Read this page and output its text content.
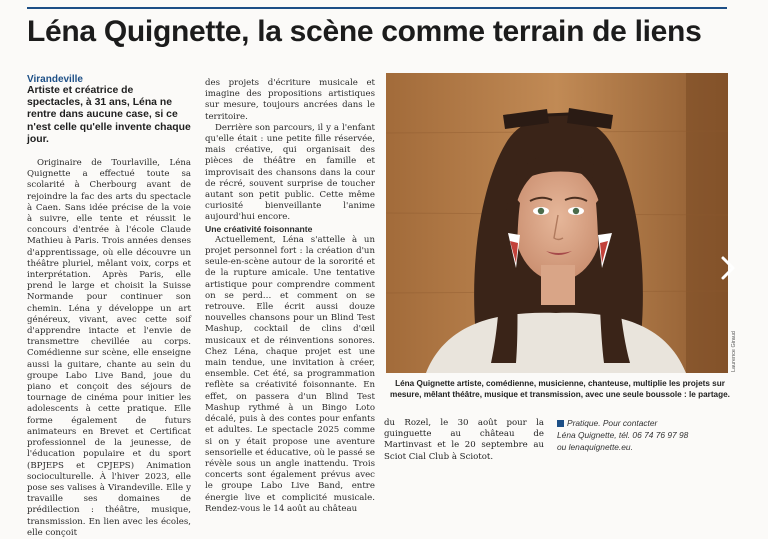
Léna Quignette, la scène comme terrain de liens
Virandeville
Artiste et créatrice de spectacles, à 31 ans, Léna ne rentre dans aucune case, si ce n'est celle qu'elle invente chaque jour.

Originaire de Tourlaville, Léna Quignette a effectué toute sa scolarité à Cherbourg avant de rejoindre la fac des arts du spectacle à Caen. Sans idée précise de la voie à suivre, elle tente et réussit le concours d'entrée à l'école Claude Mathieu à Paris. Trois années denses d'apprentissage, où elle découvre un théâtre pluriel, mêlant voix, corps et interprétation. Après Paris, elle prend le large et choisit la Suisse Normande pour continuer son chemin. Léna y développe un art généreux, vivant, avec cette soif d'apprendre intacte et l'envie de transmettre chevillée au corps. Comédienne sur scène, elle enseigne aussi la guitare, chante au sein du groupe Labo Live Band, joue du piano et conçoit des séjours de tournage de cinéma pour initier les adolescents à cette pratique. Elle forme également de futurs animateurs en Brevet et Certificat professionnel de la jeunesse, de l'éducation populaire et du sport (BPJEPS et CPJEPS) Animation socioculturelle. À l'hiver 2023, elle pose ses valises à Virandeville. Elle y travaille ses domaines de prédilection : théâtre, musique, transmission. En lien avec les écoles, elle conçoit

des projets d'écriture musicale et imagine des propositions artistiques sur mesure, toujours ancrées dans le territoire.

Derrière son parcours, il y a l'enfant qu'elle était : une petite fille réservée, mais créative, qui organisait des pièces de théâtre en famille et improvisait des chansons dans la cour de récré, souvent surprise de toucher autant son petit public. Cette même curiosité bienveillante l'anime aujourd'hui encore.

Une créativité foisonnante

Actuellement, Léna s'attelle à un projet personnel fort : la création d'un seule-en-scène autour de la sororité et de la rupture amicale. Une tentative artistique pour comprendre comment on se perd… et comment on se retrouve. Elle écrit aussi douze nouvelles chansons pour un Blind Test Mashup, cocktail de clins d'œil musicaux et de réinventions sonores. Chez Léna, chaque projet est une main tendue, une invitation à créer, ensemble. Cet été, sa programmation reflète sa créativité foisonnante. En effet, on passera d'un Blind Test Mashup rythmé à un Bingo Loto décalé, puis à des contes pour enfants et adultes. Le spectacle 2025 comme si on y était propose une aventure sensorielle et éducative, où le passé se révèle sous un angle inattendu. Trois concerts sont également prévus avec le groupe Labo Live Band, entre énergie live et complicité musicale. Rendez-vous le 14 août au château

Laurence Giraud

Léna Quignette artiste, comédienne, musicienne, chanteuse, multiplie les projets sur mesure, mêlant théâtre, musique et transmission, avec une seule boussole : le partage.

du Rozel, le 30 août pour la guinguette au château de Martinvast et le 20 septembre au Sciot Cial Club à Sciotot.

Pratique. Pour contacter

Léna Quignette, tél. 06 74 76 97 98

ou lenaquignette.eu.
